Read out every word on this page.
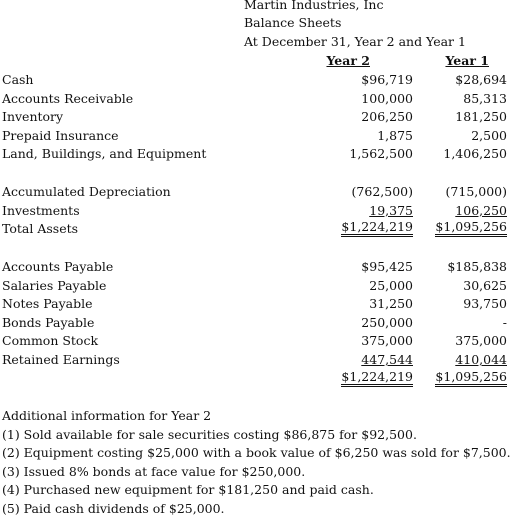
Martin Industries, Inc
Balance Sheets
At December 31, Year 2 and Year 1
Year 2	Year 1
Cash	$96,719	$28,694
Accounts Receivable	100,000	85,313
Inventory	206,250	181,250
Prepaid Insurance	1,875	2,500
Land, Buildings, and Equipment	1,562,500 1,406,250
Accumulated Depreciation	(762,500)	(715,000)
Investments	19,375	106,250
Total Assets	$1,224,219 $1,095,256
Accounts Payable	$95,425	$185,838
Salaries Payable	25,000	30,625
Notes Payable	31,250	93,750
Bonds Payable	250,000	-
Common Stock	375,000	375,000
Retained Earnings	447,544	410,044
$1,224,219 $1,095,256
Additional information for Year 2
(1) Sold available for sale securities costing $86,875 for $92,500.
(2) Equipment costing $25,000 with a book value of $6,250 was sold for $7,500.
(3) Issued 8% bonds at face value for $250,000.
(4) Purchased new equipment for $181,250 and paid cash.
(5) Paid cash dividends of $25,000.
